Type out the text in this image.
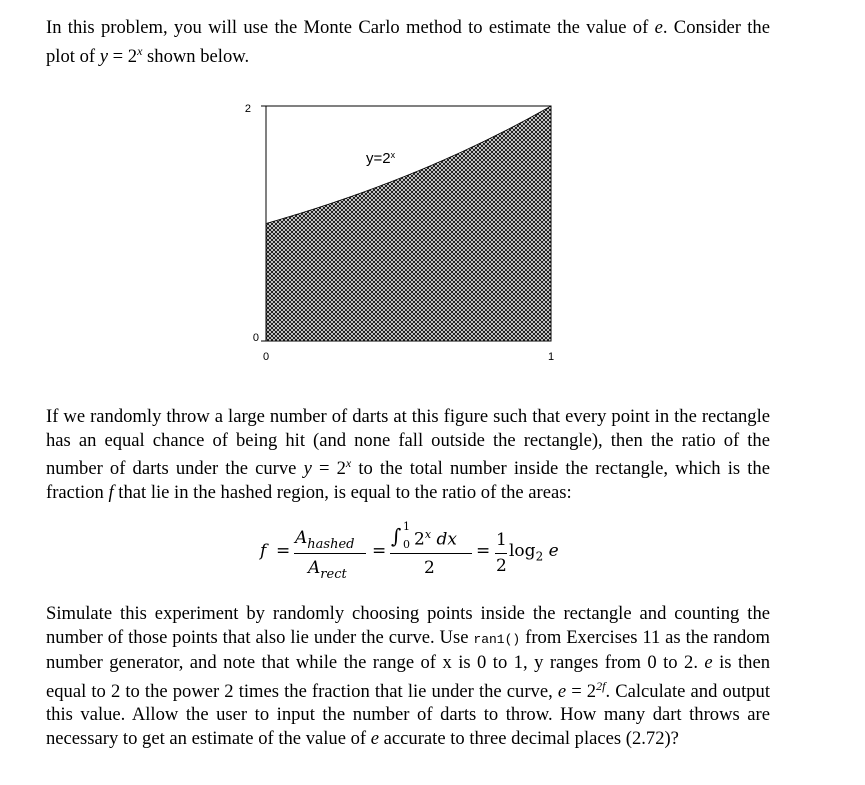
In this problem, you will use the Monte Carlo method to estimate the value of e. Consider the plot of $y = 2^x$ shown below.
2
0
0	1
$y=2^x$
If we randomly throw a large number of darts at this figure such that every point in the rectangle has an equal chance of being hit (and none fall outside the rectangle), then the ratio of the number of darts under the curve $y = 2^x$ to the total number inside the rectangle, which is the fraction f that lie in the hashed region, is equal to the ratio of the areas:
f =
$A_{hashed}$
$A_{rect}$
=
∫ 1
0 2$^x$ dx
2
=
1
2
$\log_2 e$
Simulate this experiment by randomly choosing points inside the rectangle and counting the number of those points that also lie under the curve. Use ran1() from Exercises 11 as the random number generator, and note that while the range of x is 0 to 1, y ranges from 0 to 2. e is then equal to 2 to the power 2 times the fraction that lie under the curve, $e = 2^{2f}$. Calculate and output this value. Allow the user to input the number of darts to throw. How many dart throws are necessary to get an estimate of the value of e accurate to three decimal places (2.72)?
